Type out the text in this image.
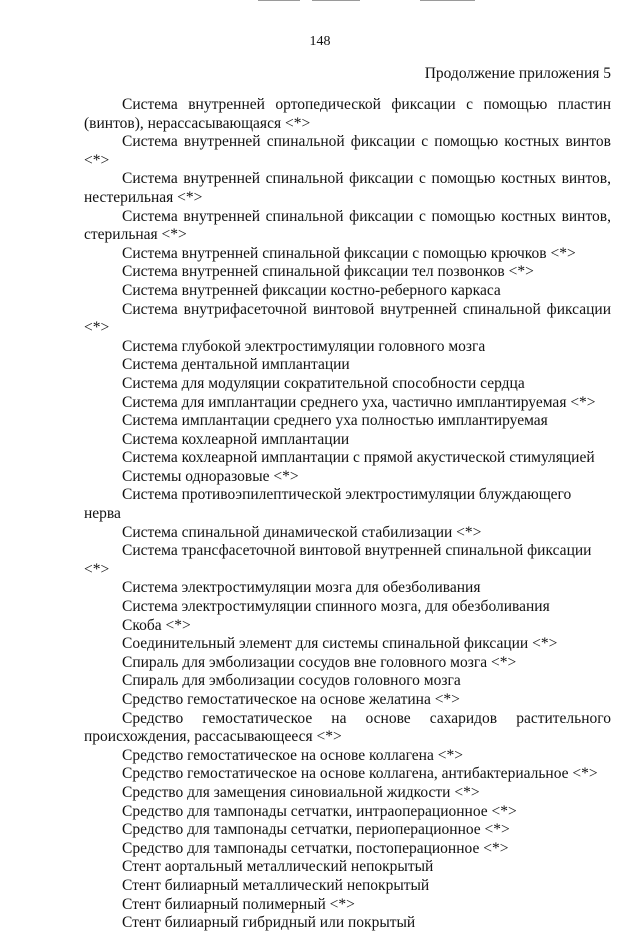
148
Продолжение приложения 5
Система внутренней ортопедической фиксации с помощью пластин (винтов), нерассасывающаяся <*>
Система внутренней спинальной фиксации с помощью костных винтов <*>
Система внутренней спинальной фиксации с помощью костных винтов, нестерильная <*>
Система внутренней спинальной фиксации с помощью костных винтов, стерильная <*>
Система внутренней спинальной фиксации с помощью крючков <*>
Система внутренней спинальной фиксации тел позвонков <*>
Система внутренней фиксации костно-реберного каркаса
Система внутрифасеточной винтовой внутренней спинальной фиксации <*>
Система глубокой электростимуляции головного мозга
Система дентальной имплантации
Система для модуляции сократительной способности сердца
Система для имплантации среднего уха, частично имплантируемая <*>
Система имплантации среднего уха полностью имплантируемая
Система кохлеарной имплантации
Система кохлеарной имплантации с прямой акустической стимуляцией
Системы одноразовые <*>
Система противоэпилептической электростимуляции блуждающего нерва
Система спинальной динамической стабилизации <*>
Система трансфасеточной винтовой внутренней спинальной фиксации <*>
Система электростимуляции мозга для обезболивания
Система электростимуляции спинного мозга, для обезболивания
Скоба <*>
Соединительный элемент для системы спинальной фиксации <*>
Спираль для эмболизации сосудов вне головного мозга <*>
Спираль для эмболизации сосудов головного мозга
Средство гемостатическое на основе желатина <*>
Средство гемостатическое на основе сахаридов растительного происхождения, рассасывающееся <*>
Средство гемостатическое на основе коллагена <*>
Средство гемостатическое на основе коллагена, антибактериальное <*>
Средство для замещения синовиальной жидкости <*>
Средство для тампонады сетчатки, интраоперационное <*>
Средство для тампонады сетчатки, периоперационное <*>
Средство для тампонады сетчатки, постоперационное <*>
Стент аортальный металлический непокрытый
Стент билиарный металлический непокрытый
Стент билиарный полимерный <*>
Стент билиарный гибридный или покрытый
